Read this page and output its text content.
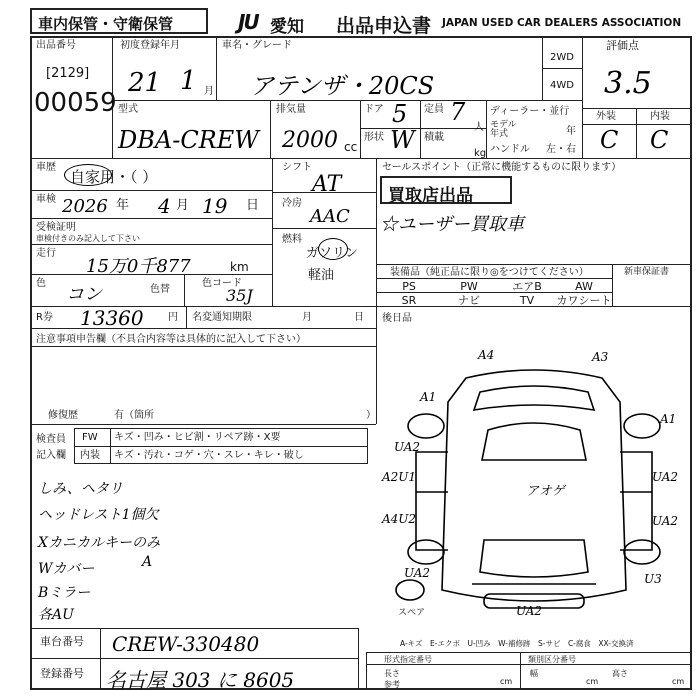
車内保管・守衛保管	JU 愛知 出品申込書 JAPAN USED CAR DEALERS ASSOCIATION
出品番号
[2129]
00059
初度登録年月
21 1 月
車名・グレード
アテンザ・20CS
2WD
4WD
評価点
3.5
外装	内装
C C
型式
DBA-CREW
排気量
2000 cc
ドア 5 定員 7
人
形状 W 積載
kg
ディーラー・並行
モデル
年式	年
ハンドル 左・右
車歴
自家用・（ ）
シフト
AT
車検 2026 年 4 月 19 日 冷房
AAC
受検証明
車検付きのみ記入して下さい	燃料
ガソリン
軽油
走行
15万0千877	km
色
コン	色替
色コード
35J
セールスポイント（正常に機能するものに限ります）
買取店出品
☆ユーザー買取車
装備品（純正品に限り◎をつけてください）	新車保証書
PS	PW	エアB	AW
SR	ナビ	TV	カワシート
R券 13360 円 名変通知期限	月	日 後日品
注意事項申告欄（不具合内容等は具体的に記入して下さい）
修復歴	有（箇所	）
検査員
記入欄
FW キズ・凹み・ヒビ割・リペア跡・X要
内装 キズ・汚れ・コゲ・穴・スレ・キレ・破し
しみ、ヘタリ
ヘッドレスト1個欠
Xカニカルキーのみ
Wカバー	A
Bミラー
各AU
車台番号 CREW-330480
登録番号 名古屋 303 に 8605
A4	A3
A1
UA2
A2U1
A4U2
UA2
UA2
U3
A1
UA2
UA2
アオゲ
スペア
A-キズ　E-エクボ　U-凹み　W-補修跡　S-サビ　C-腐食　XX-交換済
形式指定番号	類別区分番号
長さ
参考	cm
幅
cm
高さ
cm
